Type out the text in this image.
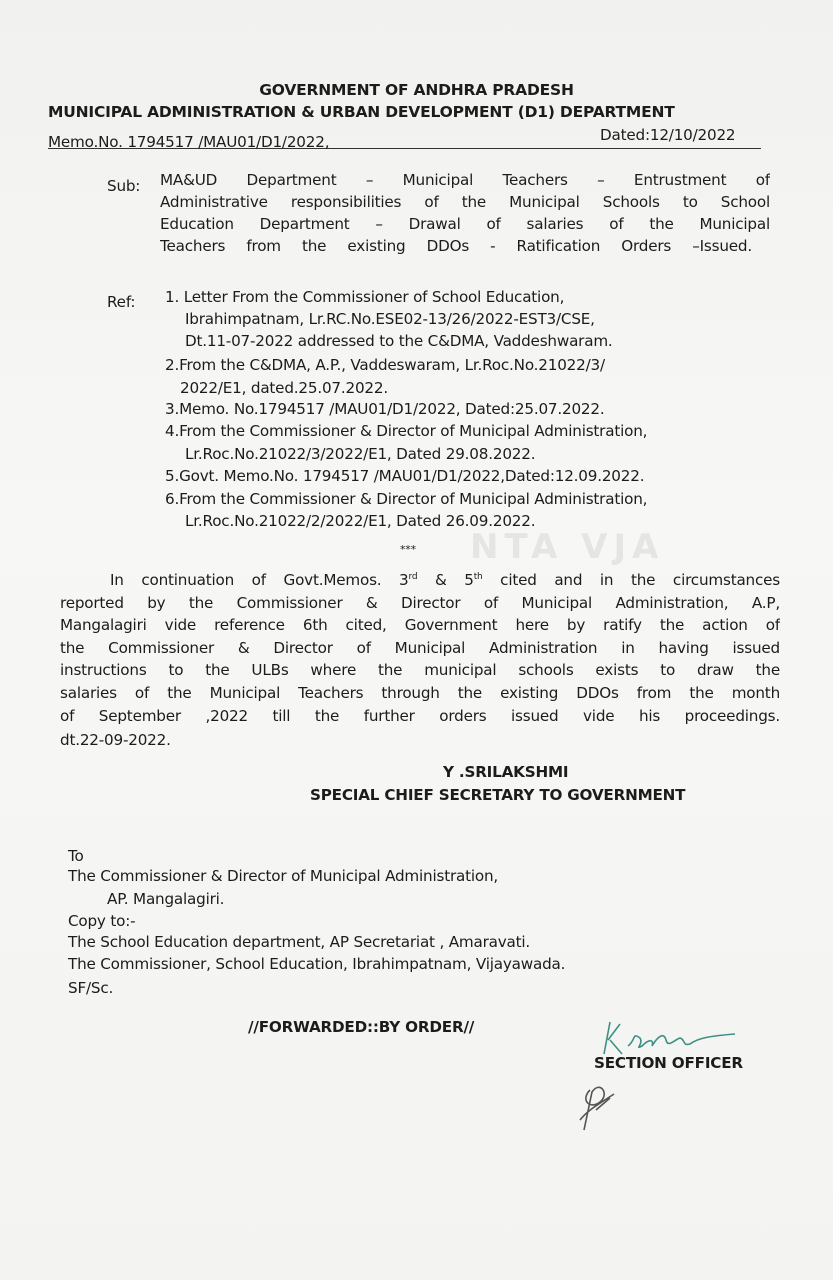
NTA VJA
GOVERNMENT OF ANDHRA PRADESH
MUNICIPAL ADMINISTRATION & URBAN DEVELOPMENT (D1) DEPARTMENT
Memo.No. 1794517 /MAU01/D1/2022,	Dated:12/10/2022
Sub: MA&UD Department – Municipal Teachers – Entrustment of
Administrative responsibilities of the Municipal Schools to School
Education Department – Drawal of salaries of the Municipal
Teachers from the existing DDOs - Ratification Orders –Issued.
Ref: 1. Letter From the Commissioner of School Education,
Ibrahimpatnam, Lr.RC.No.ESE02-13/26/2022-EST3/CSE,
Dt.11-07-2022 addressed to the C&DMA, Vaddeshwaram.
2.From the C&DMA, A.P., Vaddeswaram, Lr.Roc.No.21022/3/
2022/E1, dated.25.07.2022.
3.Memo. No.1794517 /MAU01/D1/2022, Dated:25.07.2022.
4.From the Commissioner & Director of Municipal Administration,
Lr.Roc.No.21022/3/2022/E1, Dated 29.08.2022.
5.Govt. Memo.No. 1794517 /MAU01/D1/2022,Dated:12.09.2022.
6.From the Commissioner & Director of Municipal Administration,
Lr.Roc.No.21022/2/2022/E1, Dated 26.09.2022.
***
In continuation of Govt.Memos. 3rd & 5th cited and in the circumstances
reported by the Commissioner & Director of Municipal Administration, A.P,
Mangalagiri vide reference 6th cited, Government here by ratify the action of
the Commissioner & Director of Municipal Administration in having issued
instructions to the ULBs where the municipal schools exists to draw the
salaries of the Municipal Teachers through the existing DDOs from the month
of September ,2022 till the further orders issued vide his proceedings.
dt.22-09-2022.
Y .SRILAKSHMI
SPECIAL CHIEF SECRETARY TO GOVERNMENT
To
The Commissioner & Director of Municipal Administration,
AP. Mangalagiri.
Copy to:-
The School Education department, AP Secretariat , Amaravati.
The Commissioner, School Education, Ibrahimpatnam, Vijayawada.
SF/Sc.
//FORWARDED::BY ORDER//
SECTION OFFICER
